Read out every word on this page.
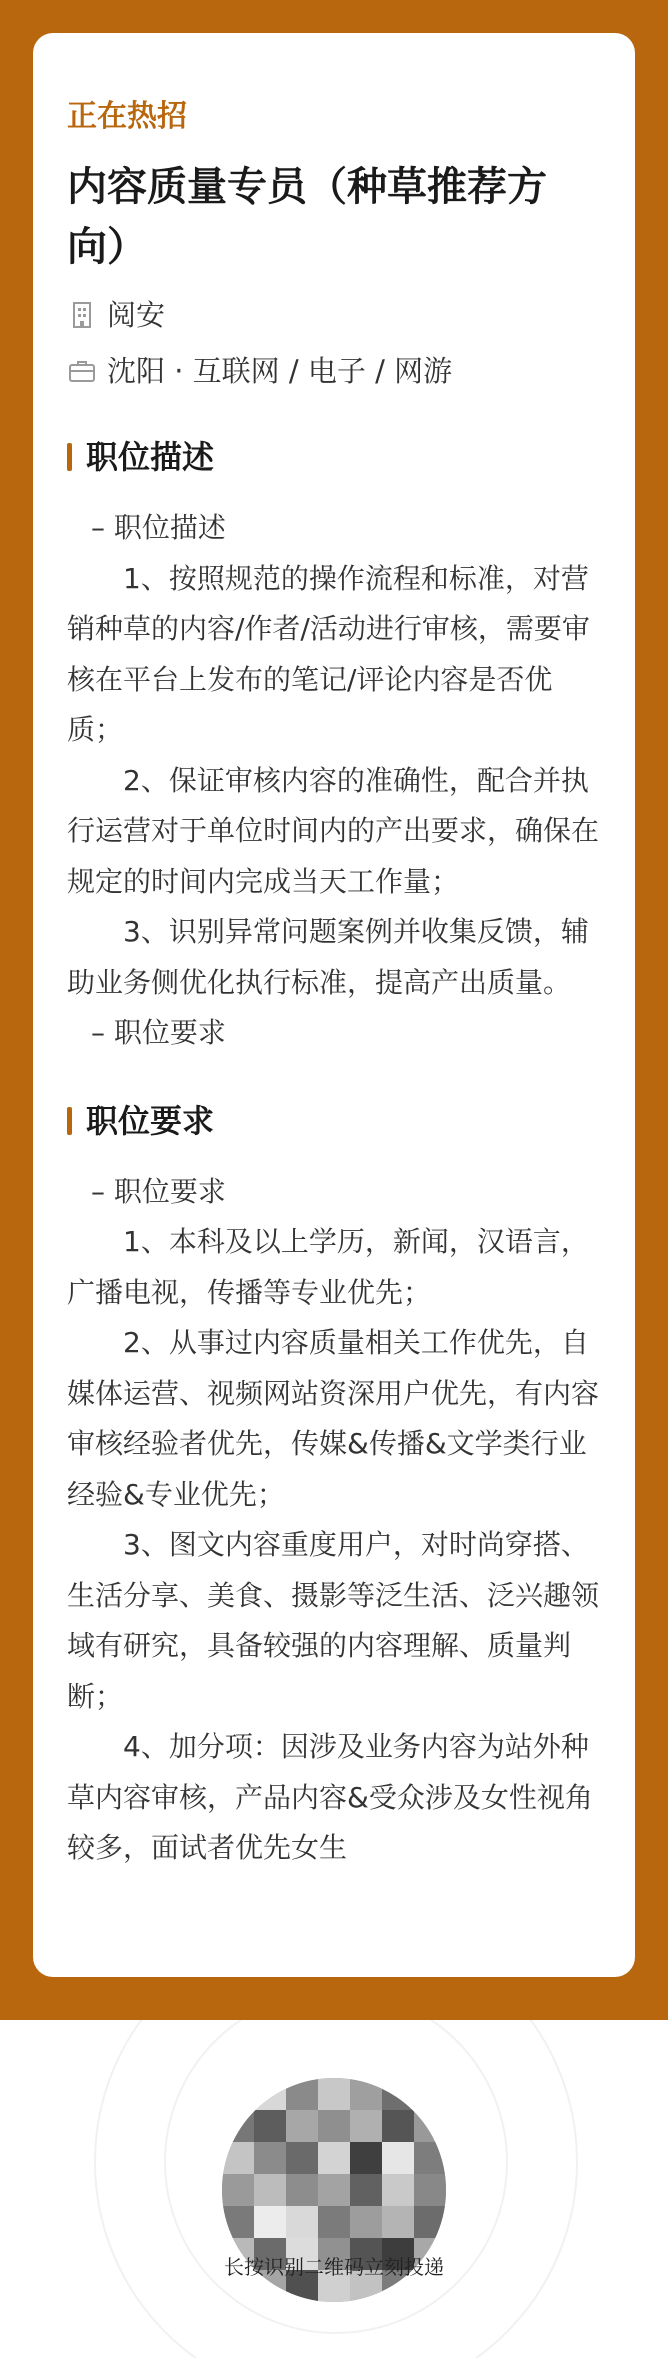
正在热招
内容质量专员（种草推荐方向）
阅安
沈阳 · 互联网 / 电子 / 网游
职位描述

– 职位描述

1、按照规范的操作流程和标准，对营销种草的内容/作者/活动进行审核，需要审核在平台上发布的笔记/评论内容是否优质；

2、保证审核内容的准确性，配合并执行运营对于单位时间内的产出要求，确保在规定的时间内完成当天工作量；

3、识别异常问题案例并收集反馈，辅助业务侧优化执行标准，提高产出质量。

– 职位要求

职位要求

– 职位要求

1、本科及以上学历，新闻，汉语言，广播电视，传播等专业优先；

2、从事过内容质量相关工作优先，自媒体运营、视频网站资深用户优先，有内容审核经验者优先，传媒&传播&文学类行业经验&专业优先；

3、图文内容重度用户，对时尚穿搭、生活分享、美食、摄影等泛生活、泛兴趣领域有研究，具备较强的内容理解、质量判断；

4、加分项：因涉及业务内容为站外种草内容审核，产品内容&受众涉及女性视角较多，面试者优先女生

长按识别二维码立刻投递
